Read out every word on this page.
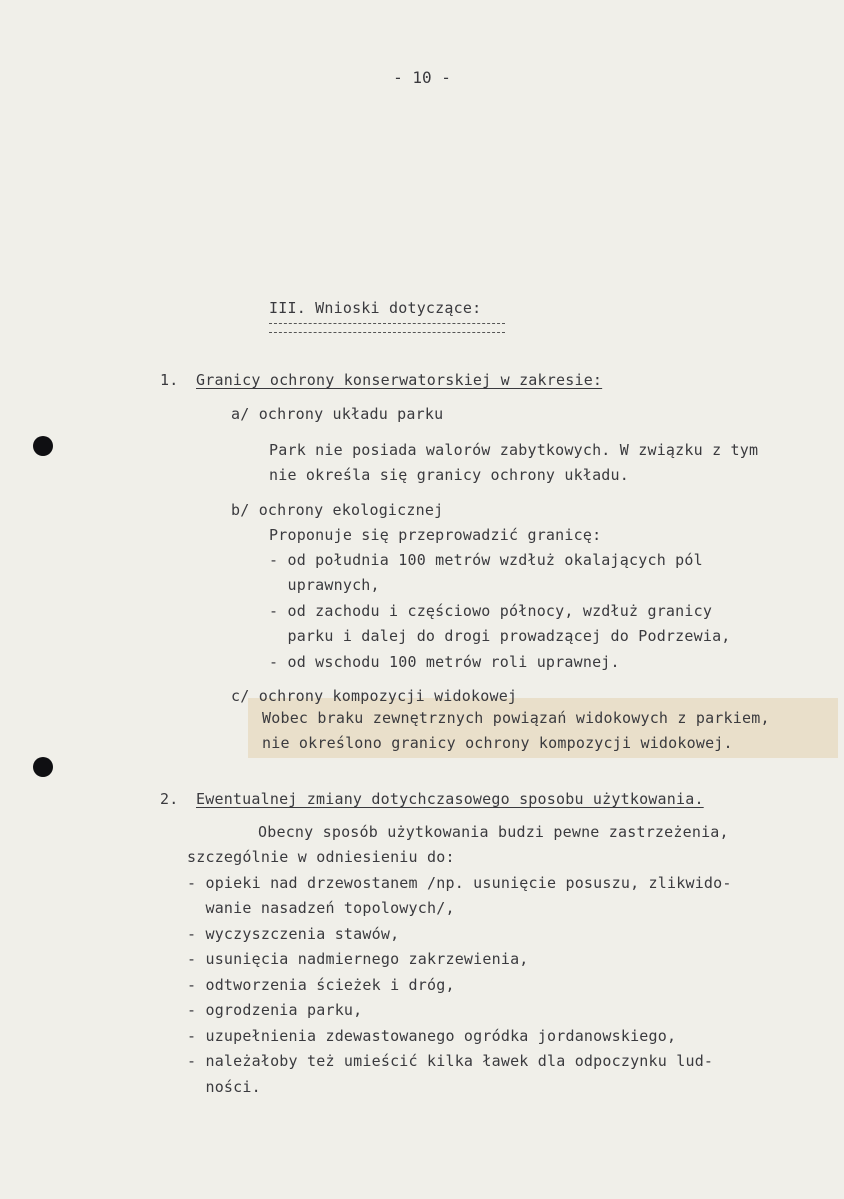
- 10 -
III. Wnioski dotyczące:
1. Granicy ochrony konserwatorskiej w zakresie:
a/ ochrony układu parku
Park nie posiada walorów zabytkowych. W związku z tym
nie określa się granicy ochrony układu.
b/ ochrony ekologicznej
Proponuje się przeprowadzić granicę:
- od południa 100 metrów wzdłuż okalających pól
uprawnych,
- od zachodu i częściowo północy, wzdłuż granicy
parku i dalej do drogi prowadzącej do Podrzewia,
- od wschodu 100 metrów roli uprawnej.
c/ ochrony kompozycji widokowej
Wobec braku zewnętrznych powiązań widokowych z parkiem,
nie określono granicy ochrony kompozycji widokowej.
2. Ewentualnej zmiany dotychczasowego sposobu użytkowania.
Obecny sposób użytkowania budzi pewne zastrzeżenia,
szczególnie w odniesieniu do:
- opieki nad drzewostanem /np. usunięcie posuszu, zlikwido-
wanie nasadzeń topolowych/,
- wyczyszczenia stawów,
- usunięcia nadmiernego zakrzewienia,
- odtworzenia ścieżek i dróg,
- ogrodzenia parku,
- uzupełnienia zdewastowanego ogródka jordanowskiego,
- należałoby też umieścić kilka ławek dla odpoczynku lud-
ności.
